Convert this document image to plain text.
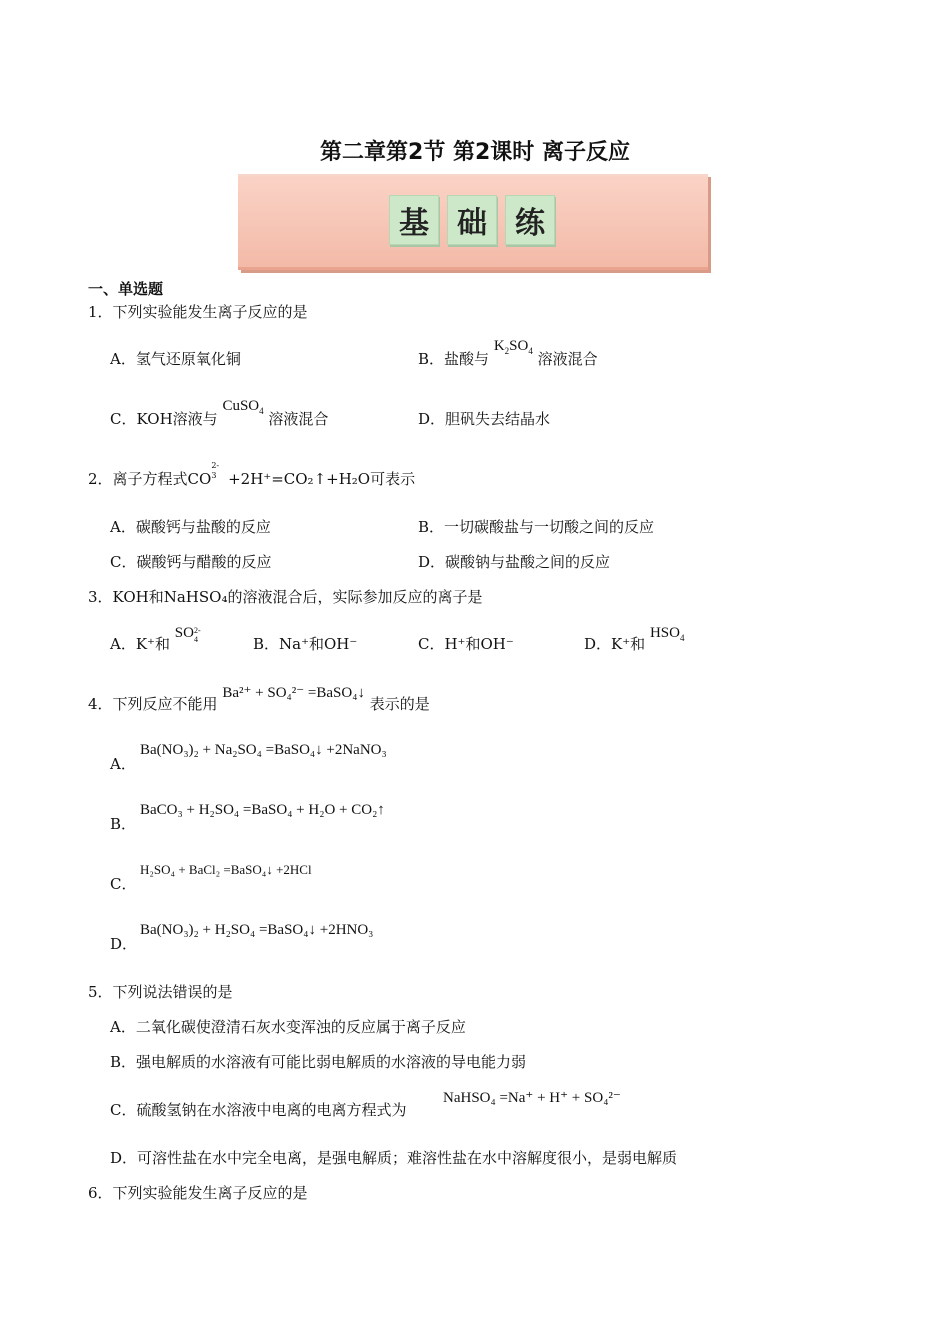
第二章第2节 第2课时 离子反应
基 础 练
一、单选题
1．下列实验能发生离子反应的是
A．氢气还原氧化铜	B．盐酸与 $K_2SO_4$ 溶液混合
C．KOH溶液与 CuSO$_4$ 溶液混合	D．胆矾失去结晶水
2．离子方程式CO
2-
3 +2H⁺=CO₂↑+H₂O可表示
A．碳酸钙与盐酸的反应	B．一切碳酸盐与一切酸之间的反应
C．碳酸钙与醋酸的反应	D．碳酸钠与盐酸之间的反应
3．KOH和NaHSO₄的溶液混合后，实际参加反应的离子是
A．K⁺和 SO 2-
4	B．Na⁺和OH⁻	C．H⁺和OH⁻	D．K⁺和 $HSO_4$
4．下列反应不能用 Ba²⁺ + SO₄²⁻ =BaSO₄↓ 表示的是
A．
Ba(NO₃)₂ + Na₂SO₄ =BaSO₄↓ +2NaNO₃
B．
BaCO₃ + H₂SO₄ =BaSO₄ + H₂O + CO₂↑
C．
H₂SO₄ + BaCl₂ =BaSO₄↓ +2HCl
D．
Ba(NO₃)₂ + H₂SO₄ =BaSO₄↓ +2HNO₃
5．下列说法错误的是
A．二氧化碳使澄清石灰水变浑浊的反应属于离子反应
B．强电解质的水溶液有可能比弱电解质的水溶液的导电能力弱
C．硫酸氢钠在水溶液中电离的电离方程式为
NaHSO₄ =Na⁺ + H⁺ + SO₄²⁻
D．可溶性盐在水中完全电离，是强电解质；难溶性盐在水中溶解度很小，是弱电解质
6．下列实验能发生离子反应的是
